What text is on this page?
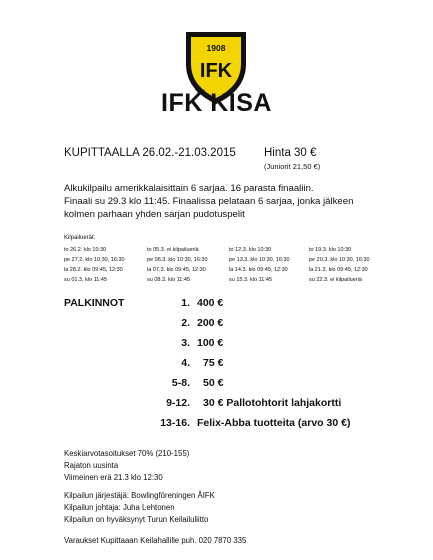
1908
IFK
IFK KISA
KUPITTAALLA 26.02.-21.03.2015 Hinta 30 €
(Juniorit 21,50 €)
Alkukilpailu amerikkalaisittain 6 sarjaa. 16 parasta finaaliin.
Finaali su 29.3 klo 11:45. Finaalissa pelataan 6 sarjaa, jonka jälkeen
kolmen parhaan yhden sarjan pudotuspelit
Kilpailuerät:
to 26.2. klo 10:30
pe 27.2. klo 10:30, 16:30
la 28.2. klo 09:45, 12:30
su 01.3. klo 11:45
to 05.3. ei kilpailueriä
pe 06.3. klo 10:30, 16:30
la 07.3. klo 09:45, 12:30
su 08.3. klo 11:45
to 12.3. klo 10:30
pe 13.3. klo 10:30, 16:30
la 14.3. klo 09:45, 12:30
su 15.3. klo 11:45
to 19.3. klo 10:30
pe 20.3. klo 10:30, 16:30
la 21.3. klo 09:45, 12:30
su 22.3. ei kilpailueriä
PALKINNOT	1. 400 €
2. 200 €
3. 100 €
4. 75 €
5-8. 50 €
9-12. 30 € Pallotohtorit lahjakortti
13-16. Felix-Abba tuotteita (arvo 30 €)
Keskiarvotasoitukset 70% (210-155)
Rajaton uusinta
Viimeinen erä 21.3 klo 12:30
Kilpailun järjestäjä: Bowlingföreningen ÅIFK
Kilpailun johtaja: Juha Lehtonen
Kilpailun on hyväksynyt Turun Keilailuliitto
Varaukset Kupittaaan Keilahallille puh. 020 7870 335
